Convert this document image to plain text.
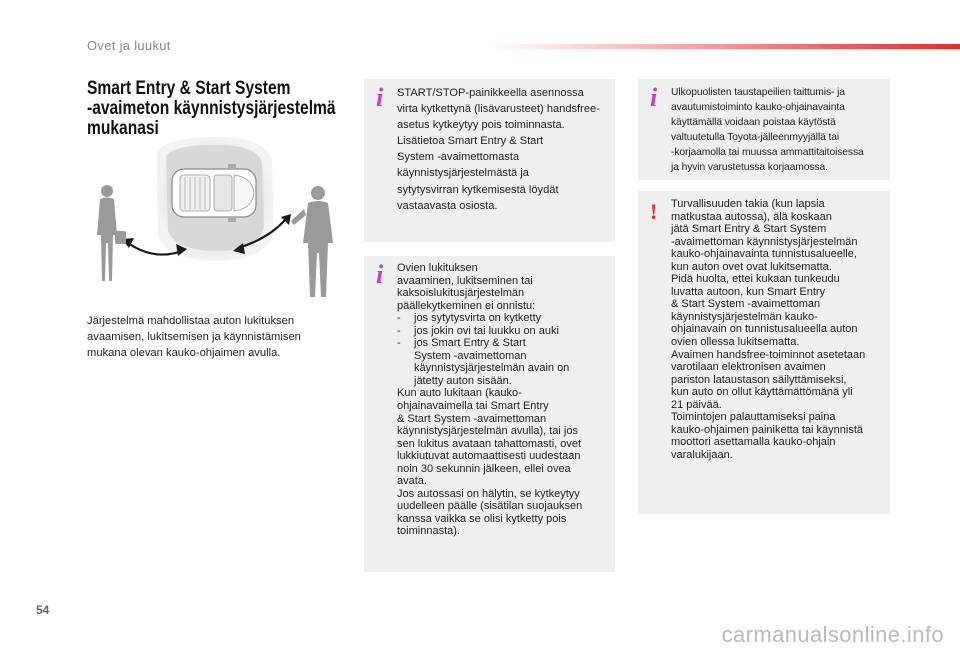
Ovet ja luukut
Smart Entry & Start System
-avaimeton käynnistysjärjestelmä
mukanasi
Järjestelmä mahdollistaa auton lukituksen
avaamisen, lukitsemisen ja käynnistämisen
mukana olevan kauko-ohjaimen avulla.
i START/STOP-painikkeella asennossa

virta kytkettynä (lisävarusteet) handsfree-

asetus kytkeytyy pois toiminnasta.

Lisätietoa Smart Entry & Start

System -avaimettomasta

käynnistysjärjestelmästä ja

sytytysvirran kytkemisestä löydät

vastaavasta osiosta.

i Ovien lukituksen

avaaminen, lukitseminen tai

kaksoislukitusjärjestelmän

päällekytkeminen ei onnistu:

-	jos sytytysvirta on kytketty
-	jos jokin ovi tai luukku on auki
-	jos Smart Entry & Start
System -avaimettoman
käynnistysjärjestelmän avain on
jätetty auton sisään.

Kun auto lukitaan (kauko-

ohjainavaimella tai Smart Entry

& Start System -avaimettoman

käynnistysjärjestelmän avulla), tai jos

sen lukitus avataan tahattomasti, ovet

lukkiutuvat automaattisesti uudestaan

noin 30 sekunnin jälkeen, ellei ovea

avata.

Jos autossasi on hälytin, se kytkeytyy

uudelleen päälle (sisätilan suojauksen

kanssa vaikka se olisi kytketty pois

toiminnasta).

i Ulkopuolisten taustapeilien taittumis- ja

avautumistoiminto kauko-ohjainavainta

käyttämällä voidaan poistaa käytöstä

valtuutetulla Toyota-jälleenmyyjällä tai

-korjaamolla tai muussa ammattitaitoisessa

ja hyvin varustetussa korjaamossa.

! Turvallisuuden takia (kun lapsia

matkustaa autossa), älä koskaan

jätä Smart Entry & Start System

-avaimettoman käynnistysjärjestelmän

kauko-ohjainavainta tunnistusalueelle,

kun auton ovet ovat lukitsematta.

Pidä huolta, ettei kukaan tunkeudu

luvatta autoon, kun Smart Entry

& Start System -avaimettoman

käynnistysjärjestelmän kauko-

ohjainavain on tunnistusalueella auton

ovien ollessa lukitsematta.

Avaimen handsfree-toiminnot asetetaan

varotilaan elektronisen avaimen

pariston lataustason säilyttämiseksi,

kun auto on ollut käyttämättömänä yli

21 päivää.

Toimintojen palauttamiseksi paina

kauko-ohjaimen painiketta tai käynnistä

moottori asettamalla kauko-ohjain

varalukijaan.

54
carmanualsonline.info
